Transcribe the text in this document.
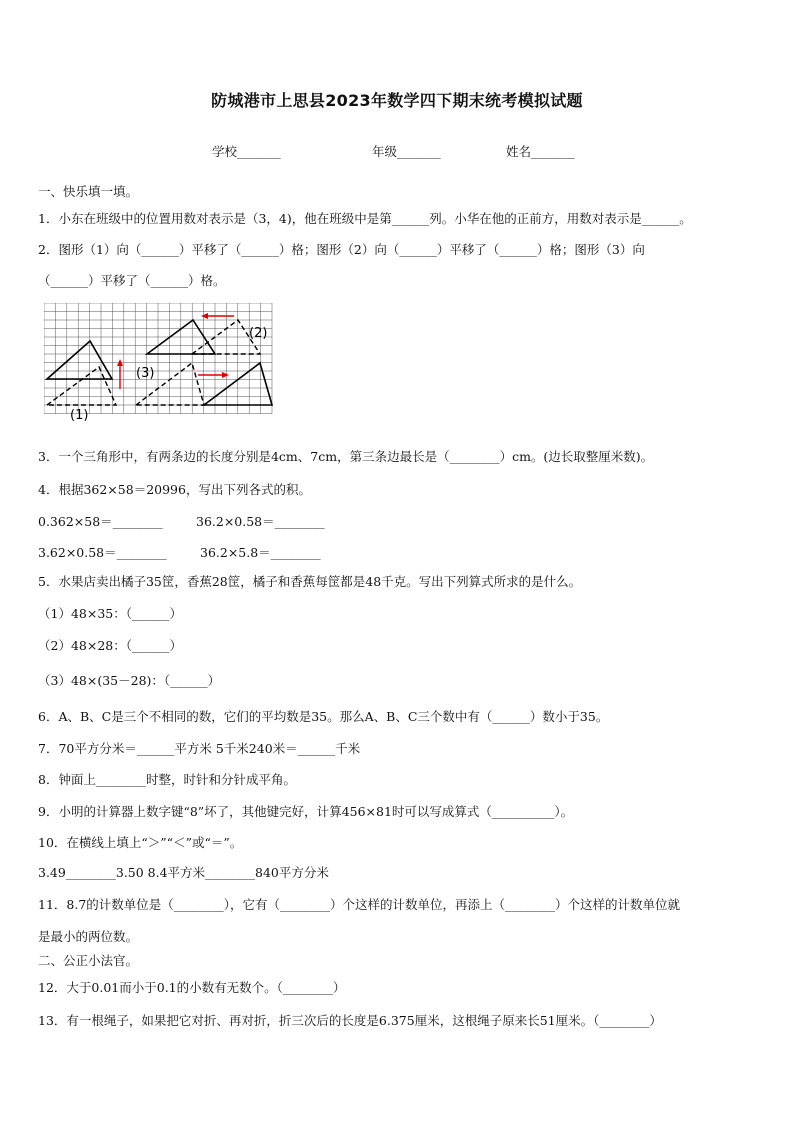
防城港市上思县2023年数学四下期末统考模拟试题
学校_______	年级_______	姓名_______
一、快乐填一填。
1．小东在班级中的位置用数对表示是（3，4)，他在班级中是第______列。小华在他的正前方，用数对表示是______。
2．图形（1）向（______）平移了（______）格；图形（2）向（______）平移了（______）格；图形（3）向
（______）平移了（______）格。
(1)
(2)
(3)
3．一个三角形中，有两条边的长度分别是4cm、7cm，第三条边最长是（________）cm。(边长取整厘米数)。
4．根据362×58＝20996，写出下列各式的积。
0.362×58＝________	36.2×0.58＝________
3.62×0.58＝________	36.2×5.8＝________
5．水果店卖出橘子35筐，香蕉28筐，橘子和香蕉每筐都是48千克。写出下列算式所求的是什么。
（1）48×35：（______）
（2）48×28：（______）
（3）48×(35－28)：（______）
6．A、B、C是三个不相同的数，它们的平均数是35。那么A、B、C三个数中有（______）数小于35。
7．70平方分米＝______平方米 5千米240米＝______千米
8．钟面上________时整，时针和分针成平角。
9．小明的计算器上数字键“8”坏了，其他键完好，计算456×81时可以写成算式（__________）。
10．在横线上填上“＞”“＜”或“＝”。
3.49________3.50 8.4平方米________840平方分米
11．8.7的计数单位是（________），它有（________）个这样的计数单位，再添上（________）个这样的计数单位就
是最小的两位数。
二、公正小法官。
12．大于0.01而小于0.1的小数有无数个。（________）
13．有一根绳子，如果把它对折、再对折，折三次后的长度是6.375厘米，这根绳子原来长51厘米。（________）
